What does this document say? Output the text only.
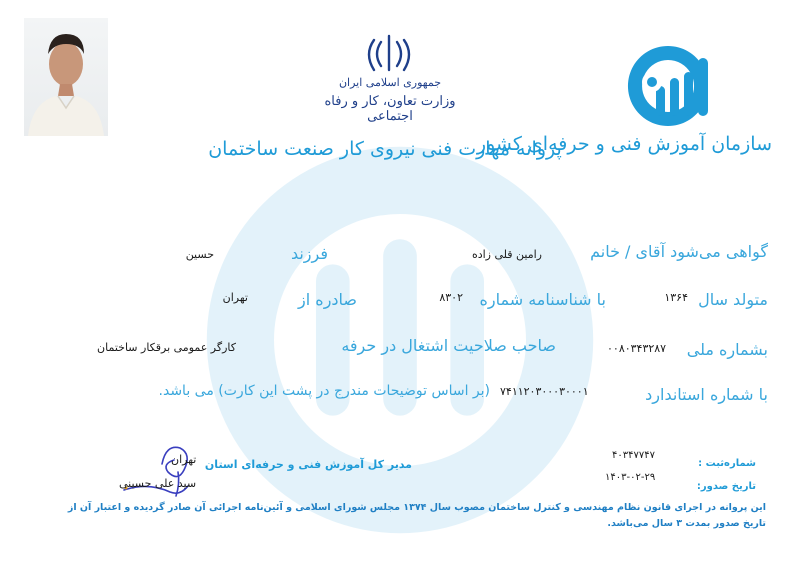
جمهوری اسلامی ایران
وزارت تعاون، کار و رفاه اجتماعی
پروانه مهارت فنی نیروی کار صنعت ساختمان
سازمان آموزش فنی و حرفه‌ای کشور
گواهی می‌شود آقای / خانم
رامین قلی زاده
فرزند
حسین
متولد سال
۱۳۶۴
با شناسنامه شماره
۸۳۰۲
صادره از
تهران
بشماره ملی
۰۰۸۰۳۴۳۲۸۷
صاحب صلاحیت اشتغال در حرفه
کارگر عمومی برقکار ساختمان
با شماره استاندارد
۷۴۱۱۲۰۳۰۰۰۳۰۰۰۱
(بر اساس توضیحات مندرج در پشت این کارت) می باشد.
تهران
سید علی حسینی
مدیر کل آموزش فنی و حرفه‌ای استان	شماره‌ثبت :
۴۰۳۴۷۷۴۷
تاریخ صدور:
۱۴۰۳-۰۲-۲۹
این پروانه در اجرای قانون نظام مهندسی و کنترل ساختمان مصوب سال ۱۳۷۴ مجلس شورای اسلامی و آئین‌نامه اجرائی آن صادر گردیده و اعتبار آن از
تاریخ صدور بمدت ۳ سال می‌باشد.
